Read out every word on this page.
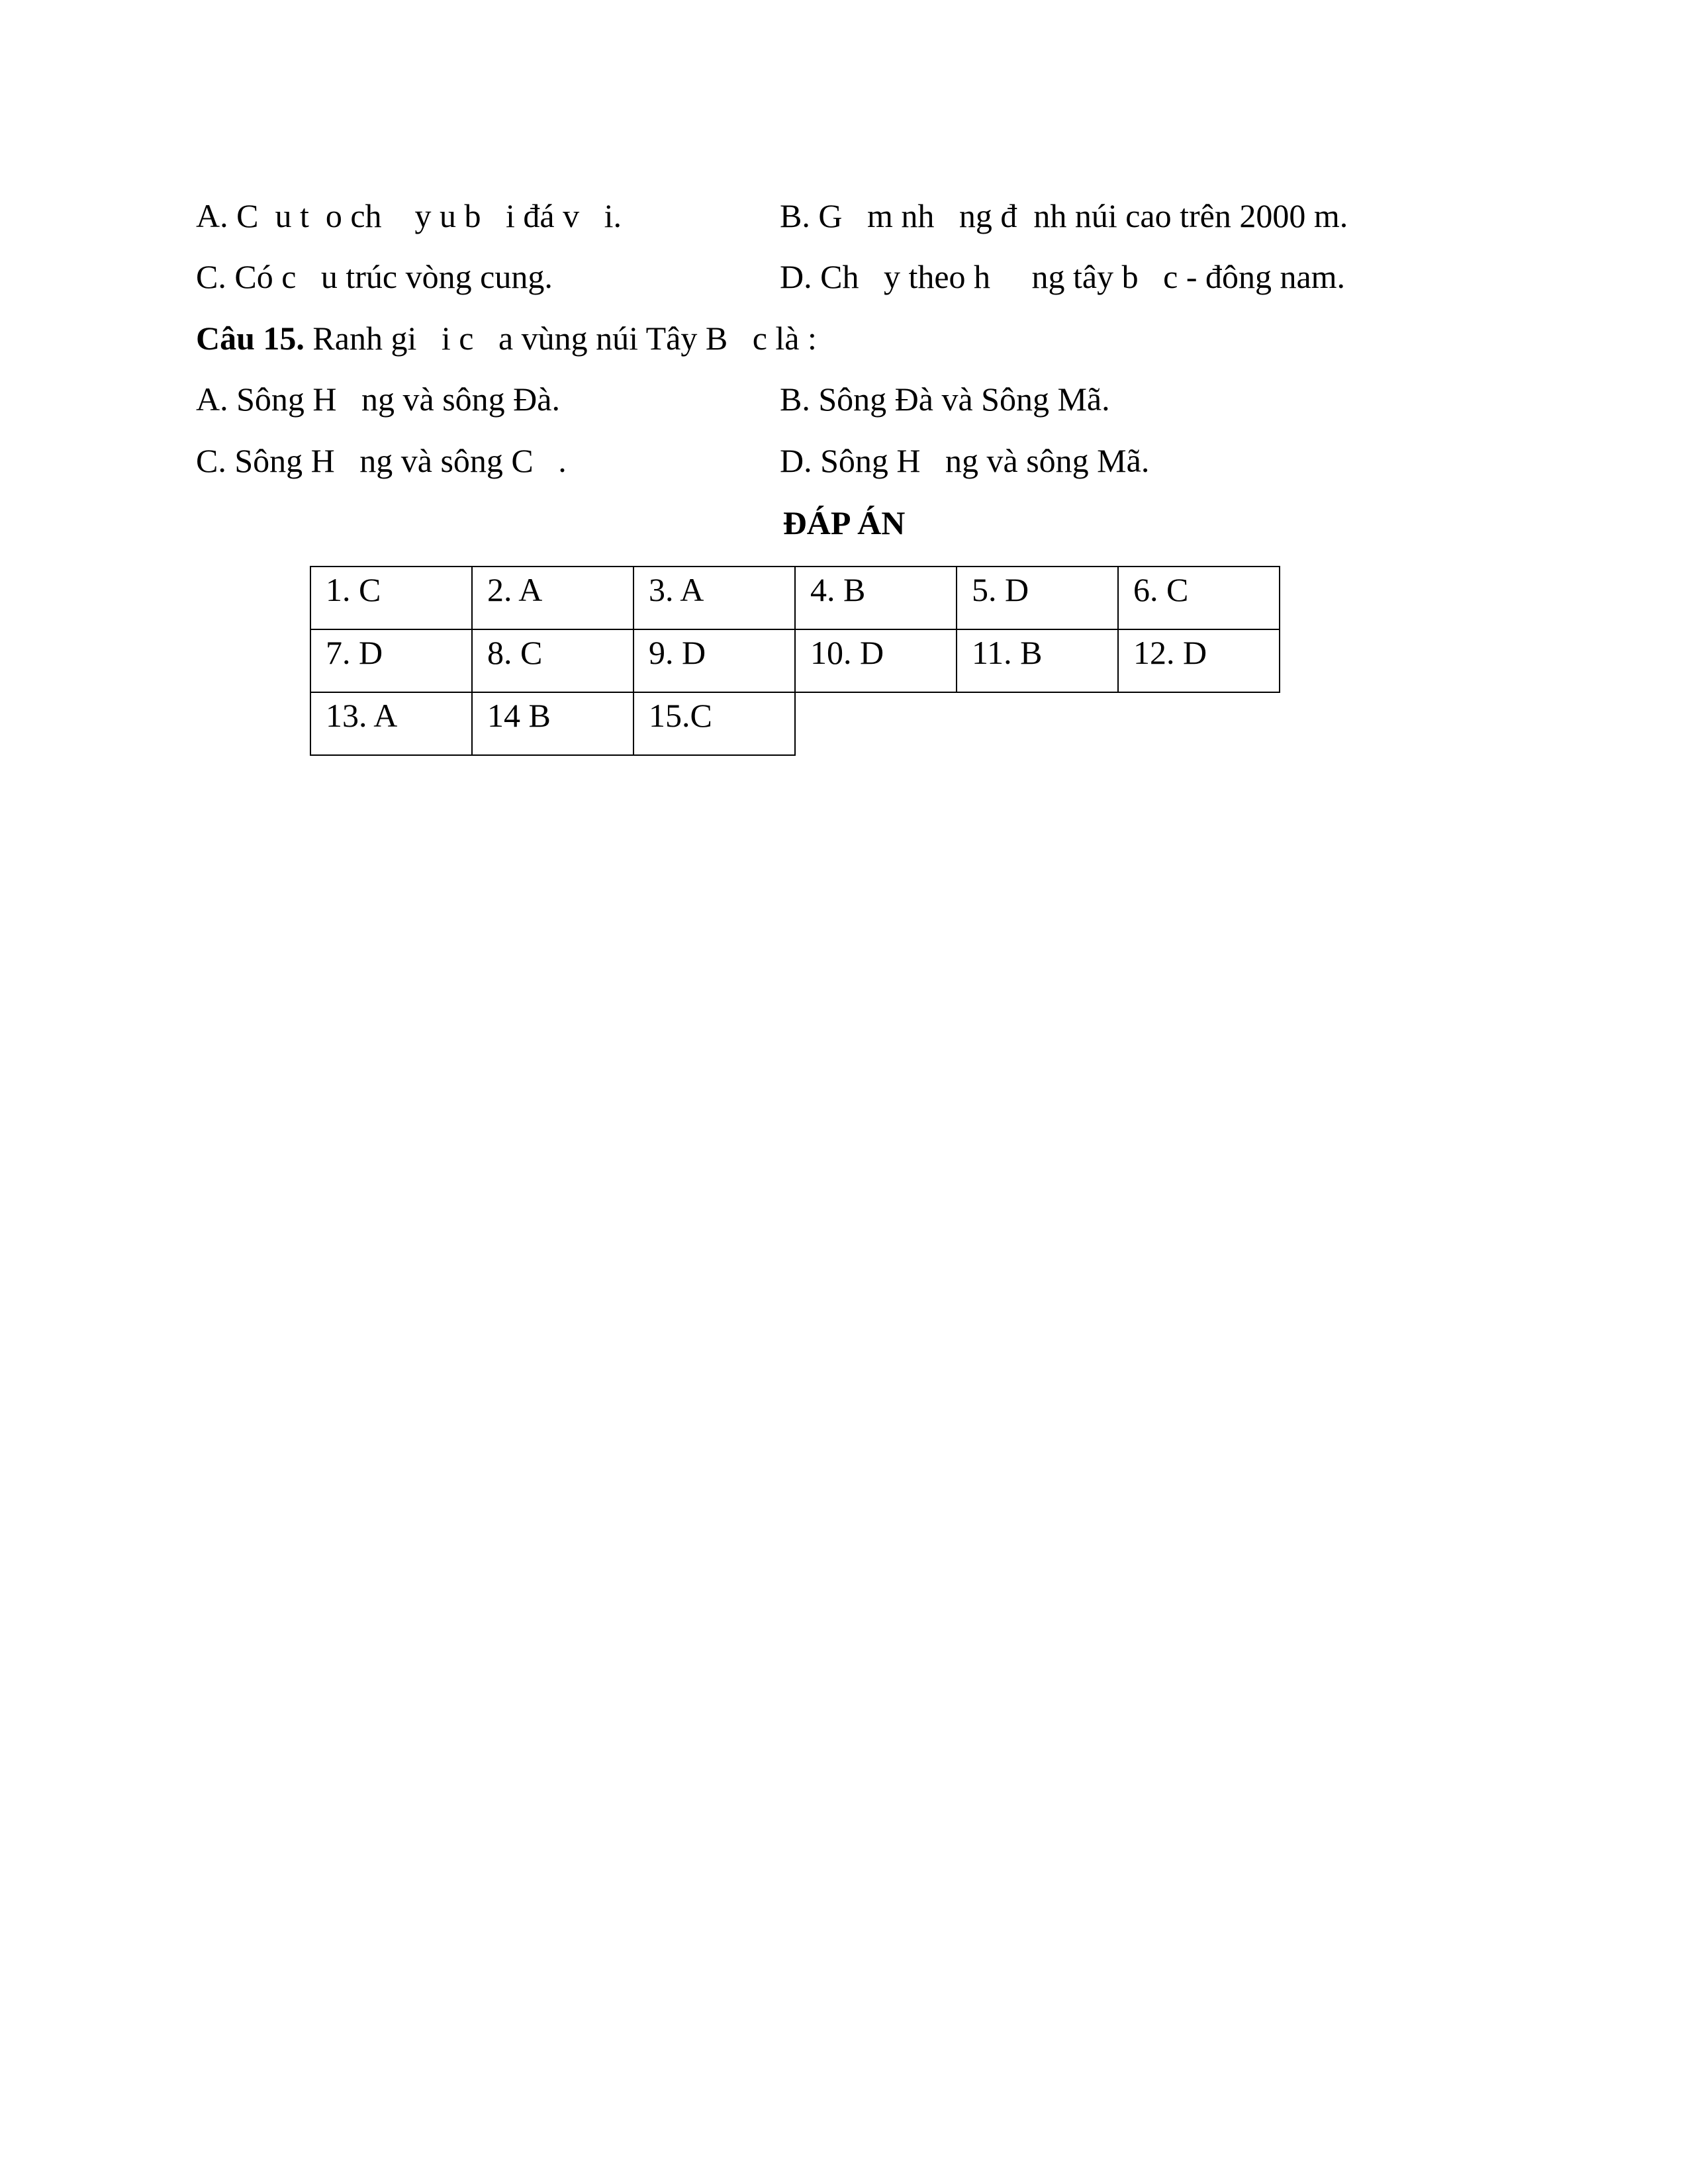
A. C  u t  o ch    y u b   i đá v   i.	B. G   m nh   ng đ  nh núi cao trên 2000 m.
C. Có c   u trúc vòng cung.	D. Ch   y theo h     ng tây b   c - đông nam.
Câu 15. Ranh gi   i c   a vùng núi Tây B   c là :
A. Sông H   ng và sông Đà.	B. Sông Đà và Sông Mã.
C. Sông H   ng và sông C   .	D. Sông H   ng và sông Mã.
ĐÁP ÁN
1. C	2. A	3. A	4. B	5. D	6. C
7. D	8. C	9. D	10. D	11. B	12. D
13. A	14 B	15.C			
